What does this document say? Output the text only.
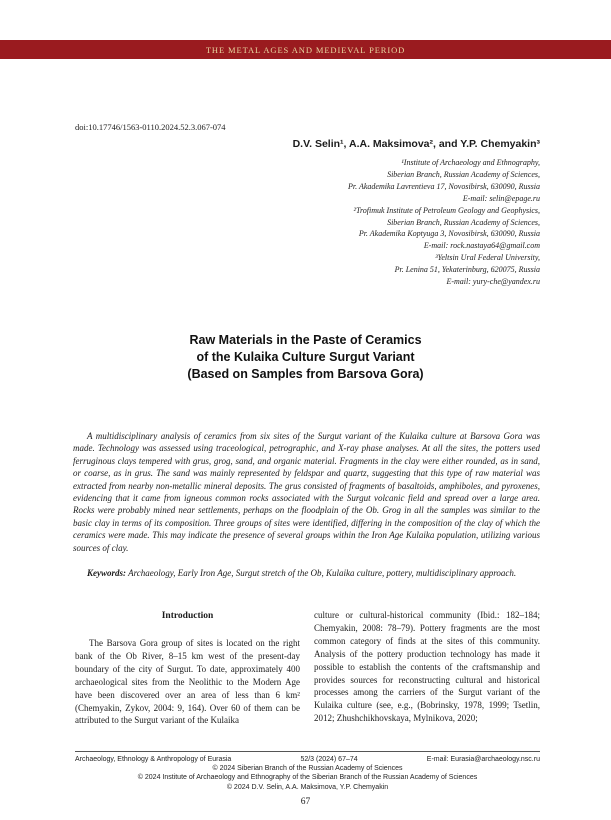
THE METAL AGES AND MEDIEVAL PERIOD
doi:10.17746/1563-0110.2024.52.3.067-074
D.V. Selin¹, A.A. Maksimova², and Y.P. Chemyakin³
¹Institute of Archaeology and Ethnography,
Siberian Branch, Russian Academy of Sciences,
Pr. Akademika Lavrentieva 17, Novosibirsk, 630090, Russia
E-mail: selin@epage.ru
²Trofimuk Institute of Petroleum Geology and Geophysics,
Siberian Branch, Russian Academy of Sciences,
Pr. Akademika Koptyuga 3, Novosibirsk, 630090, Russia
E-mail: rock.nastaya64@gmail.com
³Yeltsin Ural Federal University,
Pr. Lenina 51, Yekaterinburg, 620075, Russia
E-mail: yury-che@yandex.ru
Raw Materials in the Paste of Ceramics
of the Kulaika Culture Surgut Variant
(Based on Samples from Barsova Gora)
A multidisciplinary analysis of ceramics from six sites of the Surgut variant of the Kulaika culture at Barsova Gora was made. Technology was assessed using traceological, petrographic, and X-ray phase analyses. At all the sites, the potters used ferruginous clays tempered with grus, grog, sand, and organic material. Fragments in the clay were either rounded, as in sand, or coarse, as in grus. The sand was mainly represented by feldspar and quartz, suggesting that this type of raw material was extracted from nearby non-metallic mineral deposits. The grus consisted of fragments of basaltoids, amphiboles, and pyroxenes, evidencing that it came from igneous common rocks associated with the Surgut volcanic field and spread over a large area. Rocks were probably mined near settlements, perhaps on the floodplain of the Ob. Grog in all the samples was similar to the basic clay in terms of its composition. Three groups of sites were identified, differing in the composition of the clay of which the ceramics were made. This may indicate the presence of several groups within the Iron Age Kulaika population, utilizing various sources of clay.
Keywords: Archaeology, Early Iron Age, Surgut stretch of the Ob, Kulaika culture, pottery, multidisciplinary approach.
Introduction
The Barsova Gora group of sites is located on the right bank of the Ob River, 8–15 km west of the present-day boundary of the city of Surgut. To date, approximately 400 archaeological sites from the Neolithic to the Modern Age have been discovered over an area of less than 6 km² (Chemyakin, Zykov, 2004: 9, 164). Over 60 of them can be attributed to the Surgut variant of the Kulaika
culture or cultural-historical community (Ibid.: 182–184; Chemyakin, 2008: 78–79). Pottery fragments are the most common category of finds at the sites of this community. Analysis of the pottery production technology has made it possible to establish the contents of the craftsmanship and provides sources for reconstructing cultural and historical processes among the carriers of the Surgut variant of the Kulaika culture (see, e.g., (Bobrinsky, 1978, 1999; Tsetlin, 2012; Zhushchikhovskaya, Mylnikova, 2020;
Archaeology, Ethnology & Anthropology of Eurasia	52/3 (2024) 67–74	E-mail: Eurasia@archaeology.nsc.ru
© 2024 Siberian Branch of the Russian Academy of Sciences
© 2024 Institute of Archaeology and Ethnography of the Siberian Branch of the Russian Academy of Sciences
© 2024 D.V. Selin, A.A. Maksimova, Y.P. Chemyakin
67
